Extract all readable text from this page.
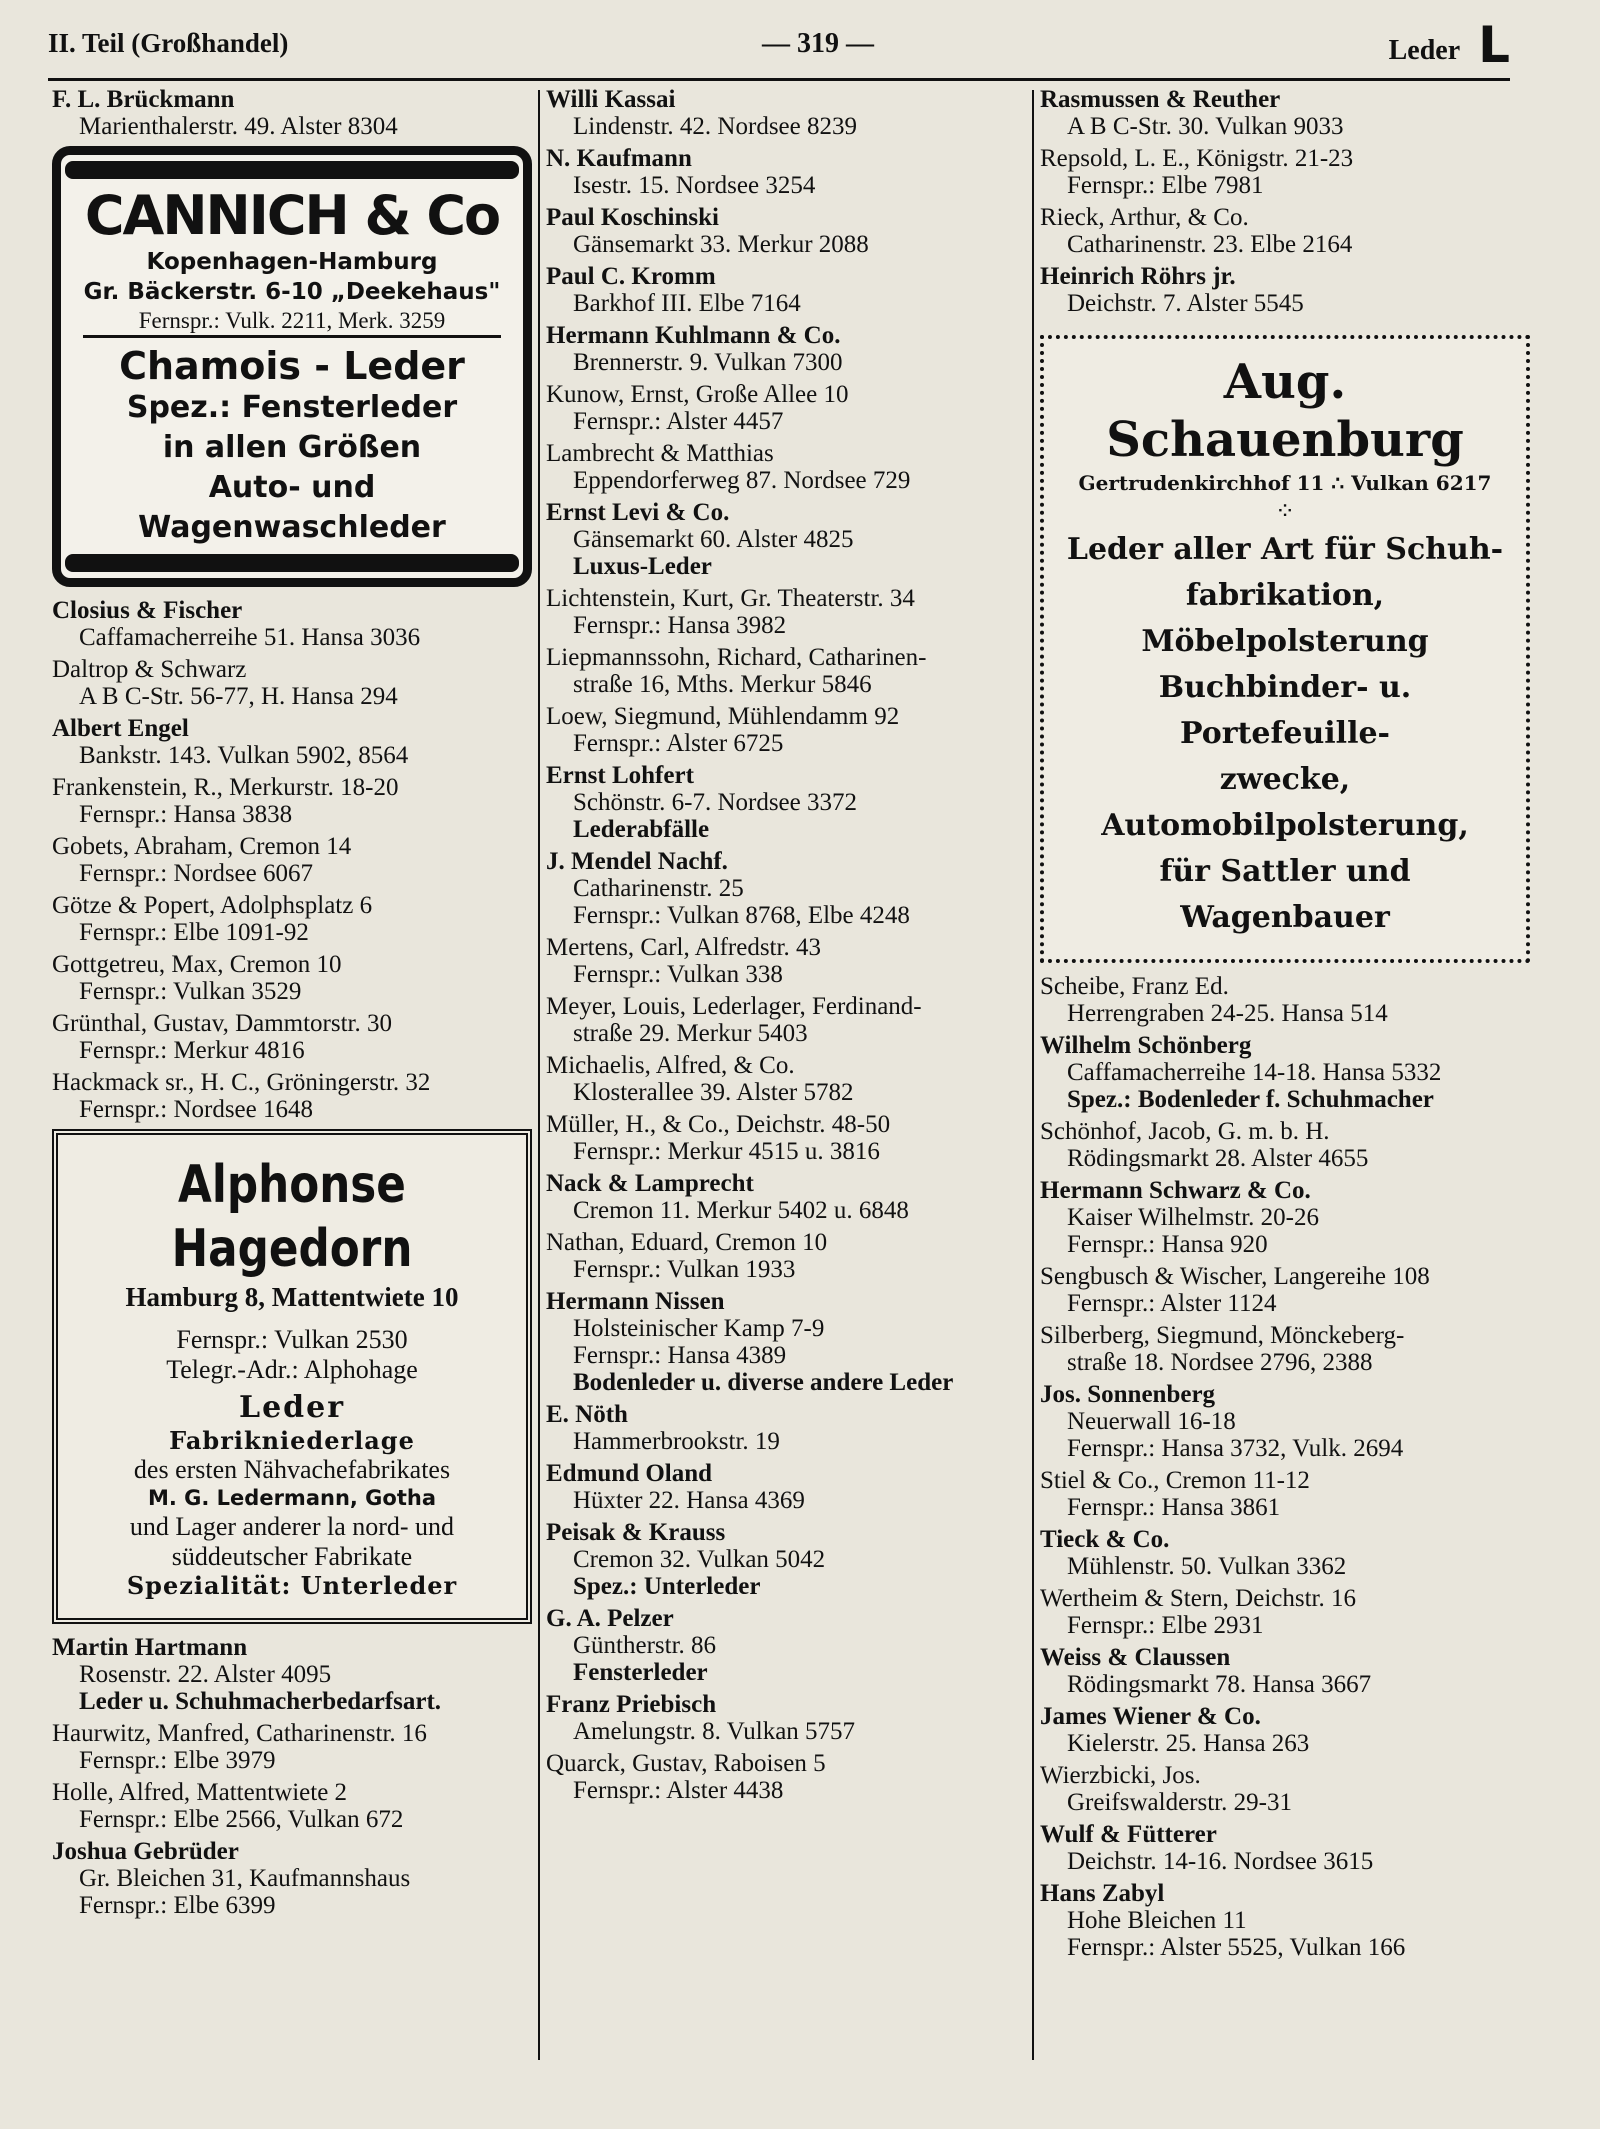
II. Teil (Großhandel)	— 319 —	Leder L
F. L. Brückmann
Marienthalerstr. 49. Alster 8304
CANNICH & Co
Kopenhagen-Hamburg
Gr. Bäckerstr. 6-10 „Deekehaus"
Fernspr.: Vulk. 2211, Merk. 3259
Chamois - Leder
Spez.: Fensterleder
in allen Größen
Auto- und
Wagenwaschleder
Closius & Fischer
Caffamacherreihe 51. Hansa 3036
Daltrop & Schwarz
A B C-Str. 56-77, H. Hansa 294
Albert Engel
Bankstr. 143. Vulkan 5902, 8564
Frankenstein, R., Merkurstr. 18-20
Fernspr.: Hansa 3838
Gobets, Abraham, Cremon 14
Fernspr.: Nordsee 6067
Götze & Popert, Adolphsplatz 6
Fernspr.: Elbe 1091-92
Gottgetreu, Max, Cremon 10
Fernspr.: Vulkan 3529
Grünthal, Gustav, Dammtorstr. 30
Fernspr.: Merkur 4816
Hackmack sr., H. C., Gröningerstr. 32
Fernspr.: Nordsee 1648
Alphonse Hagedorn
Hamburg 8, Mattentwiete 10
Fernspr.: Vulkan 2530
Telegr.-Adr.: Alphohage
Leder
Fabrikniederlage
des ersten Nähvachefabrikates
M. G. Ledermann, Gotha
und Lager anderer la nord- und
süddeutscher Fabrikate
Spezialität: Unterleder
Martin Hartmann
Rosenstr. 22. Alster 4095
Leder u. Schuhmacherbedarfsart.
Haurwitz, Manfred, Catharinenstr. 16
Fernspr.: Elbe 3979
Holle, Alfred, Mattentwiete 2
Fernspr.: Elbe 2566, Vulkan 672
Joshua Gebrüder
Gr. Bleichen 31, Kaufmannshaus
Fernspr.: Elbe 6399
Willi Kassai
Lindenstr. 42. Nordsee 8239
N. Kaufmann
Isestr. 15. Nordsee 3254
Paul Koschinski
Gänsemarkt 33. Merkur 2088
Paul C. Kromm
Barkhof III. Elbe 7164
Hermann Kuhlmann & Co.
Brennerstr. 9. Vulkan 7300
Kunow, Ernst, Große Allee 10
Fernspr.: Alster 4457
Lambrecht & Matthias
Eppendorferweg 87. Nordsee 729
Ernst Levi & Co.
Gänsemarkt 60. Alster 4825
Luxus-Leder
Lichtenstein, Kurt, Gr. Theaterstr. 34
Fernspr.: Hansa 3982
Liepmannssohn, Richard, Catharinen-
straße 16, Mths. Merkur 5846
Loew, Siegmund, Mühlendamm 92
Fernspr.: Alster 6725
Ernst Lohfert
Schönstr. 6-7. Nordsee 3372
Lederabfälle
J. Mendel Nachf.
Catharinenstr. 25
Fernspr.: Vulkan 8768, Elbe 4248
Mertens, Carl, Alfredstr. 43
Fernspr.: Vulkan 338
Meyer, Louis, Lederlager, Ferdinand-
straße 29. Merkur 5403
Michaelis, Alfred, & Co.
Klosterallee 39. Alster 5782
Müller, H., & Co., Deichstr. 48-50
Fernspr.: Merkur 4515 u. 3816
Nack & Lamprecht
Cremon 11. Merkur 5402 u. 6848
Nathan, Eduard, Cremon 10
Fernspr.: Vulkan 1933
Hermann Nissen
Holsteinischer Kamp 7-9
Fernspr.: Hansa 4389
Bodenleder u. diverse andere Leder
E. Nöth
Hammerbrookstr. 19
Edmund Oland
Hüxter 22. Hansa 4369
Peisak & Krauss
Cremon 32. Vulkan 5042
Spez.: Unterleder
G. A. Pelzer
Güntherstr. 86
Fensterleder
Franz Priebisch
Amelungstr. 8. Vulkan 5757
Quarck, Gustav, Raboisen 5
Fernspr.: Alster 4438
Rasmussen & Reuther
A B C-Str. 30. Vulkan 9033
Repsold, L. E., Königstr. 21-23
Fernspr.: Elbe 7981
Rieck, Arthur, & Co.
Catharinenstr. 23. Elbe 2164
Heinrich Röhrs jr.
Deichstr. 7. Alster 5545
Aug. Schauenburg
Gertrudenkirchhof 11 ∴ Vulkan 6217
⁘
Leder aller Art für Schuh-
fabrikation, Möbelpolsterung
Buchbinder- u. Portefeuille-
zwecke, Automobilpolsterung,
für Sattler und Wagenbauer
Scheibe, Franz Ed.
Herrengraben 24-25. Hansa 514
Wilhelm Schönberg
Caffamacherreihe 14-18. Hansa 5332
Spez.: Bodenleder f. Schuhmacher
Schönhof, Jacob, G. m. b. H.
Rödingsmarkt 28. Alster 4655
Hermann Schwarz & Co.
Kaiser Wilhelmstr. 20-26
Fernspr.: Hansa 920
Sengbusch & Wischer, Langereihe 108
Fernspr.: Alster 1124
Silberberg, Siegmund, Mönckeberg-
straße 18. Nordsee 2796, 2388
Jos. Sonnenberg
Neuerwall 16-18
Fernspr.: Hansa 3732, Vulk. 2694
Stiel & Co., Cremon 11-12
Fernspr.: Hansa 3861
Tieck & Co.
Mühlenstr. 50. Vulkan 3362
Wertheim & Stern, Deichstr. 16
Fernspr.: Elbe 2931
Weiss & Claussen
Rödingsmarkt 78. Hansa 3667
James Wiener & Co.
Kielerstr. 25. Hansa 263
Wierzbicki, Jos.
Greifswalderstr. 29-31
Wulf & Fütterer
Deichstr. 14-16. Nordsee 3615
Hans Zabyl
Hohe Bleichen 11
Fernspr.: Alster 5525, Vulkan 166
